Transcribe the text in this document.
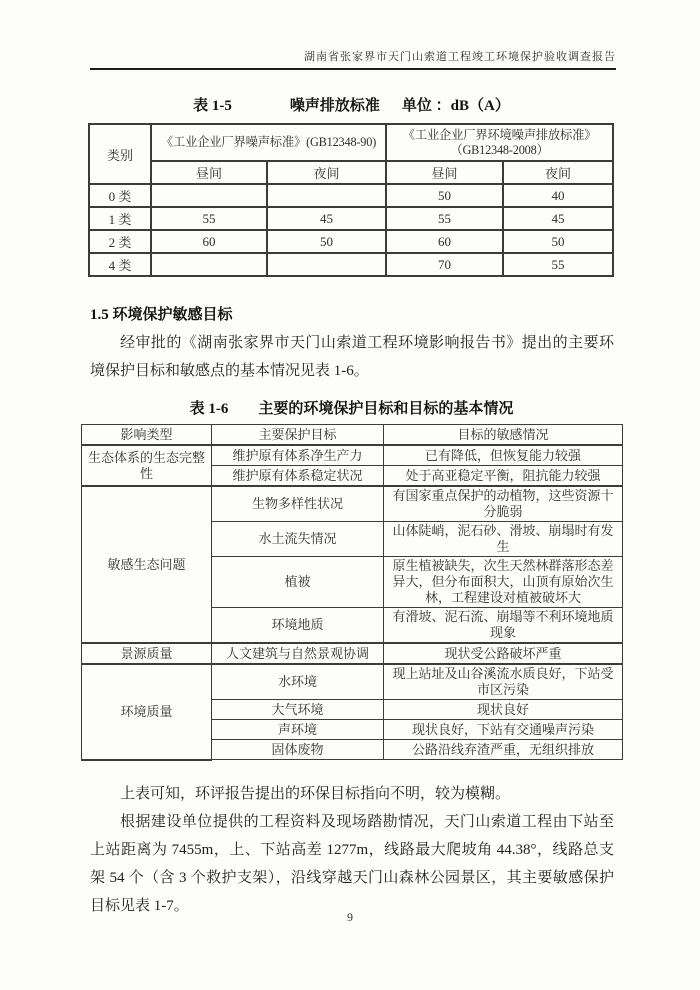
湖南省张家界市天门山索道工程竣工环境保护验收调查报告
表 1-5	噪声排放标准 单位 ：dB（A）
类别	《工业企业厂界噪声标准》(GB12348-90)		《工业企业厂界环境噪声排放标准》
（GB12348-2008）	
	昼间	夜间	昼间	夜间
0 类			50	40
1 类	55	45	55	45
2 类	60	50	60	50
4 类			70	55
1.5 环境保护敏感目标

经审批的《湖南张家界市天门山索道工程环境影响报告书》提出的主要环境保护目标和敏感点的基本情况见表 1-6。

表 1-6 主要的环境保护目标和目标的基本情况
影响类型	主要保护目标	目标的敏感情况
生态体系的生态完整性	维护原有体系净生产力	已有降低，但恢复能力较强
	维护原有体系稳定状况	处于高亚稳定平衡，阻抗能力较强
敏感生态问题	生物多样性状况	有国家重点保护的动植物，这些资源十分脆弱
	水土流失情况	山体陡峭，泥石砂、滑坡、崩塌时有发生
	植被	原生植被缺失，次生天然林群落形态差异大，但分布面积大，山顶有原始次生林，工程建设对植被破坏大
	环境地质	有滑坡、泥石流、崩塌等不利环境地质现象
景源质量	人文建筑与自然景观协调	现状受公路破坏严重
环境质量	水环境	现上站址及山谷溪流水质良好，下站受市区污染
	大气环境	现状良好
	声环境	现状良好，下站有交通噪声污染
	固体废物	公路沿线弃渣严重，无组织排放

上表可知，环评报告提出的环保目标指向不明，较为模糊。

根据建设单位提供的工程资料及现场踏勘情况，天门山索道工程由下站至上站距离为 7455m，上、下站高差 1277m，线路最大爬坡角 44.38°，线路总支架 54 个（含 3 个救护支架），沿线穿越天门山森林公园景区，其主要敏感保护目标见表 1-7。

9
